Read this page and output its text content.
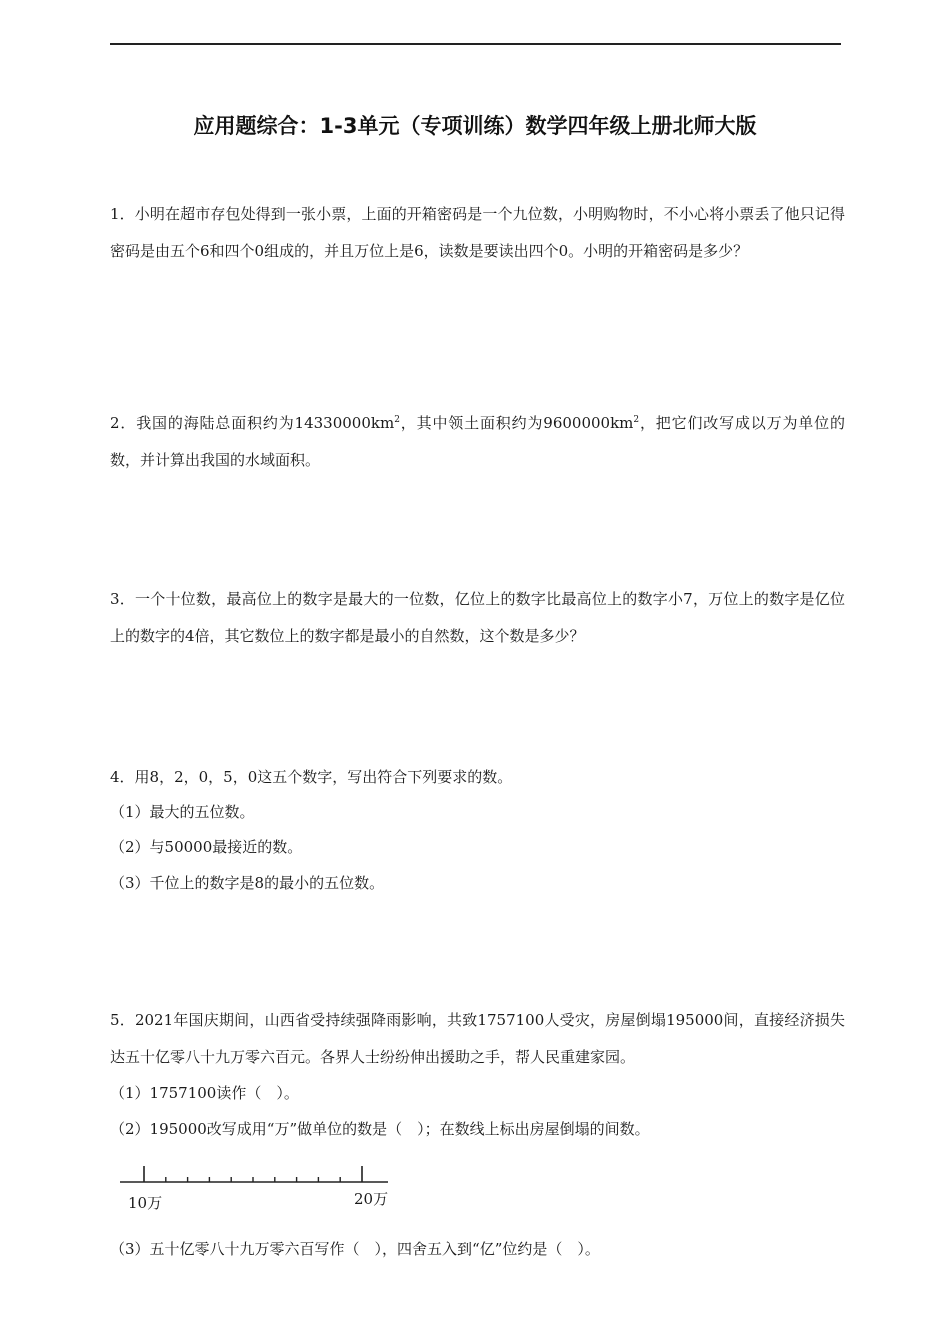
应用题综合：1-3单元（专项训练）数学四年级上册北师大版
1．小明在超市存包处得到一张小票，上面的开箱密码是一个九位数，小明购物时，不小心将小票丢了他只记得密码是由五个6和四个0组成的，并且万位上是6，读数是要读出四个0。小明的开箱密码是多少？
2．我国的海陆总面积约为$14330000km^2$，其中领土面积约为$9600000km^2$，把它们改写成以万为单位的数，并计算出我国的水域面积。
3．一个十位数，最高位上的数字是最大的一位数，亿位上的数字比最高位上的数字小7，万位上的数字是亿位上的数字的4倍，其它数位上的数字都是最小的自然数，这个数是多少？
4．用8，2，0，5，0这五个数字，写出符合下列要求的数。
（1）最大的五位数。
（2）与50000最接近的数。
（3）千位上的数字是8的最小的五位数。
5．2021年国庆期间，山西省受持续强降雨影响，共致1757100人受灾，房屋倒塌195000间，直接经济损失达五十亿零八十九万零六百元。各界人士纷纷伸出援助之手，帮人民重建家园。
（1）1757100读作（　）。
（2）195000改写成用“万”做单位的数是（　）；在数线上标出房屋倒塌的间数。
10万	20万
（3）五十亿零八十九万零六百写作（　），四舍五入到“亿”位约是（　）。
